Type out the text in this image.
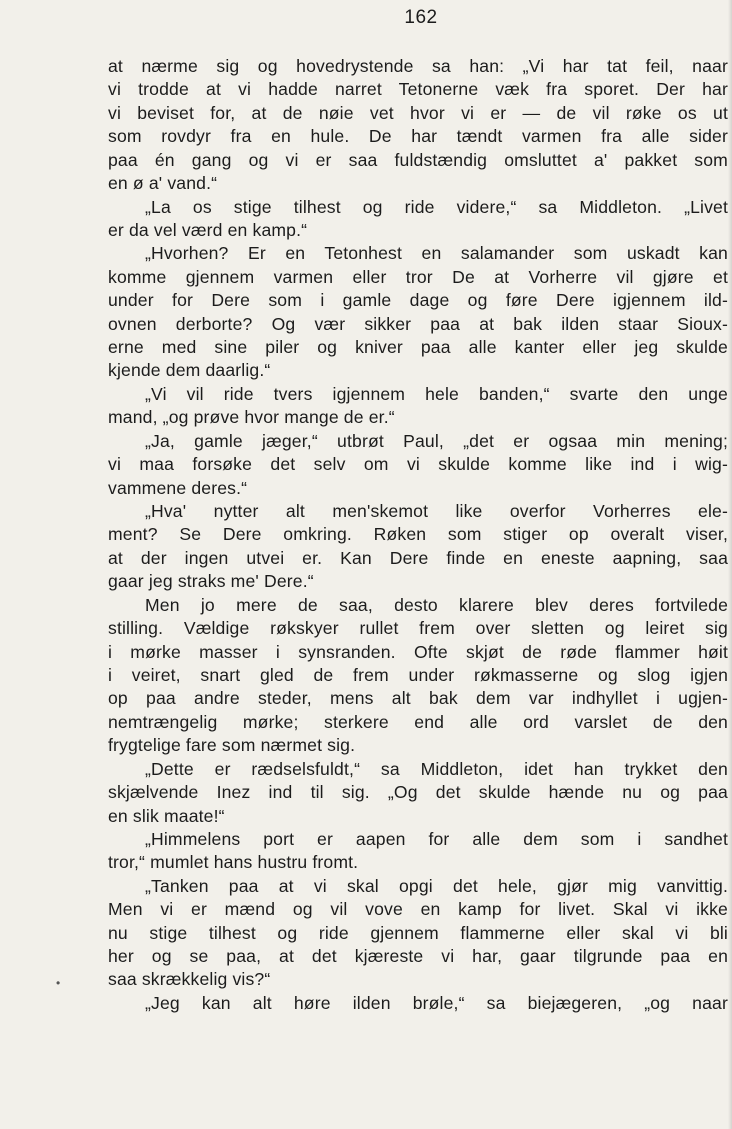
162
at nærme sig og hovedrystende sa han: „Vi har tat feil, naar
vi trodde at vi hadde narret Tetonerne væk fra sporet. Der har
vi beviset for, at de nøie vet hvor vi er — de vil røke os ut
som rovdyr fra en hule. De har tændt varmen fra alle sider
paa én gang og vi er saa fuldstændig omsluttet a' pakket som
en ø a' vand.“
„La os stige tilhest og ride videre,“ sa Middleton. „Livet
er da vel værd en kamp.“
„Hvorhen? Er en Tetonhest en salamander som uskadt kan
komme gjennem varmen eller tror De at Vorherre vil gjøre et
under for Dere som i gamle dage og føre Dere igjennem ild-
ovnen derborte? Og vær sikker paa at bak ilden staar Sioux-
erne med sine piler og kniver paa alle kanter eller jeg skulde
kjende dem daarlig.“
„Vi vil ride tvers igjennem hele banden,“ svarte den unge
mand, „og prøve hvor mange de er.“
„Ja, gamle jæger,“ utbrøt Paul, „det er ogsaa min mening;
vi maa forsøke det selv om vi skulde komme like ind i wig-
vammene deres.“
„Hva' nytter alt men'skemot like overfor Vorherres ele-
ment? Se Dere omkring. Røken som stiger op overalt viser,
at der ingen utvei er. Kan Dere finde en eneste aapning, saa
gaar jeg straks me' Dere.“
Men jo mere de saa, desto klarere blev deres fortvilede
stilling. Vældige røkskyer rullet frem over sletten og leiret sig
i mørke masser i synsranden. Ofte skjøt de røde flammer høit
i veiret, snart gled de frem under røkmasserne og slog igjen
op paa andre steder, mens alt bak dem var indhyllet i ugjen-
nemtrængelig mørke; sterkere end alle ord varslet de den
frygtelige fare som nærmet sig.
„Dette er rædselsfuldt,“ sa Middleton, idet han trykket den
skjælvende Inez ind til sig. „Og det skulde hænde nu og paa
en slik maate!“
„Himmelens port er aapen for alle dem som i sandhet
tror,“ mumlet hans hustru fromt.
„Tanken paa at vi skal opgi det hele, gjør mig vanvittig.
Men vi er mænd og vil vove en kamp for livet. Skal vi ikke
nu stige tilhest og ride gjennem flammerne eller skal vi bli
her og se paa, at det kjæreste vi har, gaar tilgrunde paa en
saa skrækkelig vis?“
„Jeg kan alt høre ilden brøle,“ sa biejægeren, „og naar
•
